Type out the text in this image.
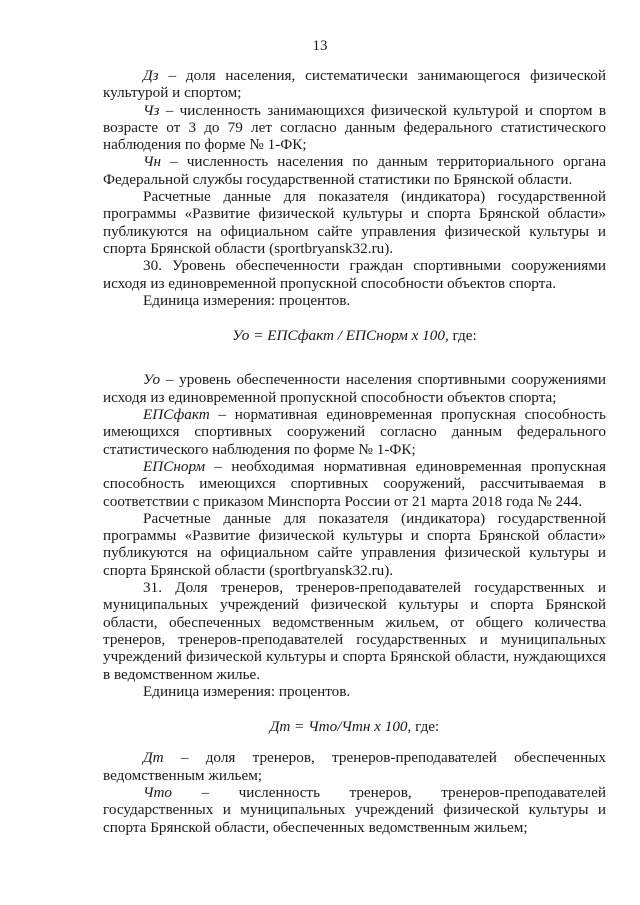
13

Дз – доля населения, систематически занимающегося физической культурой и спортом;

Чз – численность занимающихся физической культурой и спортом в возрасте от 3 до 79 лет согласно данным федерального статистического наблюдения по форме № 1-ФК;

Чн – численность населения по данным территориального органа Федеральной службы государственной статистики по Брянской области.

Расчетные данные для показателя (индикатора) государственной программы «Развитие физической культуры и спорта Брянской области» публикуются на официальном сайте управления физической культуры и спорта Брянской области (sportbryansk32.ru).

30. Уровень обеспеченности граждан спортивными сооружениями исходя из единовременной пропускной способности объектов спорта.

Единица измерения: процентов.

Уо = ЕПСфакт / ЕПСнорм х 100, где:

Уо – уровень обеспеченности населения спортивными сооружениями исходя из единовременной пропускной способности объектов спорта;

ЕПСфакт – нормативная единовременная пропускная способность имеющихся спортивных сооружений согласно данным федерального статистического наблюдения по форме № 1-ФК;

ЕПСнорм – необходимая нормативная единовременная пропускная способность имеющихся спортивных сооружений, рассчитываемая в соответствии с приказом Минспорта России от 21 марта 2018 года № 244.

Расчетные данные для показателя (индикатора) государственной программы «Развитие физической культуры и спорта Брянской области» публикуются на официальном сайте управления физической культуры и спорта Брянской области (sportbryansk32.ru).

31. Доля тренеров, тренеров-преподавателей государственных и муниципальных учреждений физической культуры и спорта Брянской области, обеспеченных ведомственным жильем, от общего количества тренеров, тренеров-преподавателей государственных и муниципальных учреждений физической культуры и спорта Брянской области, нуждающихся в ведомственном жилье.

Единица измерения: процентов.

Дт = Что/Чтн х 100, где:

Дт – доля тренеров, тренеров-преподавателей обеспеченных ведомственным жильем;

Что – численность тренеров, тренеров-преподавателей государственных и муниципальных учреждений физической культуры и спорта Брянской области, обеспеченных ведомственным жильем;
